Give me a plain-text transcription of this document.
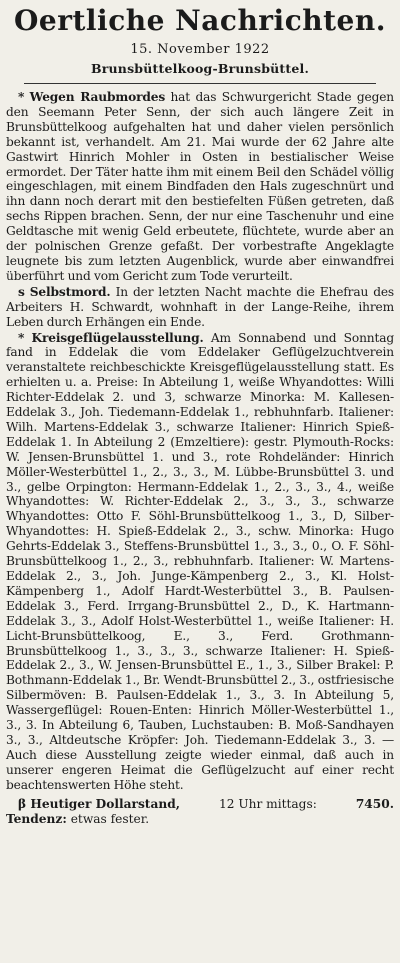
Oertliche Nachrichten.
15. November 1922
Brunsbüttelkoog-Brunsbüttel.

* Wegen Raubmordes hat das Schwurgericht Stade gegen den Seemann Peter Senn, der sich auch längere Zeit in Brunsbüttelkoog aufgehalten hat und daher vielen persönlich bekannt ist, verhandelt. Am 21. Mai wurde der 62 Jahre alte Gastwirt Hinrich Mohler in Osten in bestialischer Weise ermordet. Der Täter hatte ihm mit einem Beil den Schädel völlig eingeschlagen, mit einem Bindfaden den Hals zugeschnürt und ihn dann noch derart mit den bestiefelten Füßen getreten, daß sechs Rippen brachen. Senn, der nur eine Taschenuhr und eine Geldtasche mit wenig Geld erbeutete, flüchtete, wurde aber an der polnischen Grenze gefaßt. Der vorbestrafte Angeklagte leugnete bis zum letzten Augenblick, wurde aber einwandfrei überführt und vom Gericht zum Tode verurteilt.

s Selbstmord. In der letzten Nacht machte die Ehefrau des Arbeiters H. Schwardt, wohnhaft in der Lange-Reihe, ihrem Leben durch Erhängen ein Ende.

* Kreisgeflügelausstellung. Am Sonnabend und Sonntag fand in Eddelak die vom Eddelaker Geflügelzuchtverein veranstaltete reichbeschickte Kreisgeflügelausstellung statt. Es erhielten u. a. Preise: In Abteilung 1, weiße Whyandottes: Willi Richter-Eddelak 2. und 3, schwarze Minorka: M. Kallesen-Eddelak 3., Joh. Tiedemann-Eddelak 1., rebhuhnfarb. Italiener: Wilh. Martens-Eddelak 3., schwarze Italiener: Hinrich Spieß-Eddelak 1. In Abteilung 2 (Emzeltiere): gestr. Plymouth-Rocks: W. Jensen-Brunsbüttel 1. und 3., rote Rohdeländer: Hinrich Möller-Westerbüttel 1., 2., 3., 3., M. Lübbe-Brunsbüttel 3. und 3., gelbe Orpington: Hermann-Eddelak 1., 2., 3., 3., 4., weiße Whyandottes: W. Richter-Eddelak 2., 3., 3., 3., schwarze Whyandottes: Otto F. Söhl-Brunsbüttelkoog 1., 3., D, Silber-Whyandottes: H. Spieß-Eddelak 2., 3., schw. Minorka: Hugo Gehrts-Eddelak 3., Steffens-Brunsbüttel 1., 3., 3., 0., O. F. Söhl-Brunsbüttelkoog 1., 2., 3., rebhuhnfarb. Italiener: W. Martens-Eddelak 2., 3., Joh. Junge-Kämpenberg 2., 3., Kl. Holst-Kämpenberg 1., Adolf Hardt-Westerbüttel 3., B. Paulsen-Eddelak 3., Ferd. Irrgang-Brunsbüttel 2., D., K. Hartmann-Eddelak 3., 3., Adolf Holst-Westerbüttel 1., weiße Italiener: H. Licht-Brunsbüttelkoog, E., 3., Ferd. Grothmann-Brunsbüttelkoog 1., 3., 3., 3., schwarze Italiener: H. Spieß-Eddelak 2., 3., W. Jensen-Brunsbüttel E., 1., 3., Silber Brakel: P. Bothmann-Eddelak 1., Br. Wendt-Brunsbüttel 2., 3., ostfriesische Silbermöven: B. Paulsen-Eddelak 1., 3., 3. In Abteilung 5, Wassergeflügel: Rouen-Enten: Hinrich Möller-Westerbüttel 1., 3., 3. In Abteilung 6, Tauben, Luchstauben: B. Moß-Sandhayen 3., 3., Altdeutsche Kröpfer: Joh. Tiedemann-Eddelak 3., 3. — Auch diese Ausstellung zeigte wieder einmal, daß auch in unserer engeren Heimat die Geflügelzucht auf einer recht beachtenswerten Höhe steht.

β Heutiger Dollarstand,	12 Uhr mittags:	7450.
Tendenz: etwas fester.
